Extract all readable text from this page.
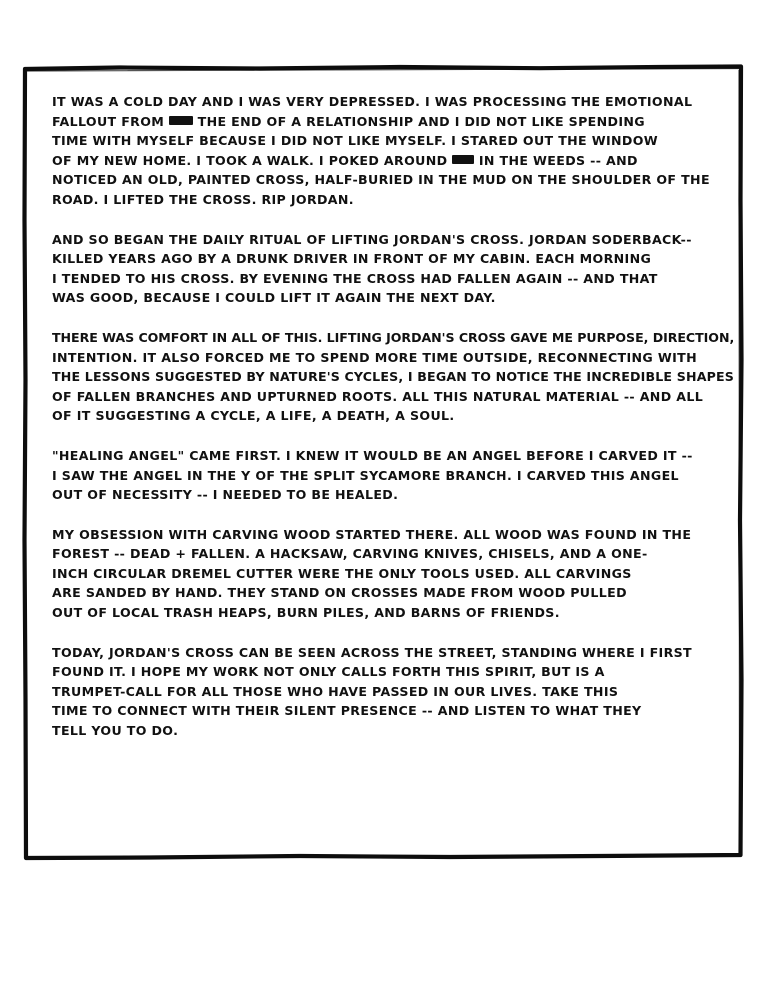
IT WAS A COLD DAY AND I WAS VERY DEPRESSED. I WAS PROCESSING THE EMOTIONAL
FALLOUT FROM  THE END OF A RELATIONSHIP AND I DID NOT LIKE SPENDING
TIME WITH MYSELF BECAUSE I DID NOT LIKE MYSELF. I STARED OUT THE WINDOW
OF MY NEW HOME. I TOOK A WALK. I POKED AROUND  IN THE WEEDS -- AND
NOTICED AN OLD, PAINTED CROSS, HALF-BURIED IN THE MUD ON THE SHOULDER OF THE
ROAD. I LIFTED THE CROSS. RIP JORDAN.
AND SO BEGAN THE DAILY RITUAL OF LIFTING JORDAN'S CROSS. JORDAN SODERBACK--
KILLED YEARS AGO BY A DRUNK DRIVER IN FRONT OF MY CABIN. EACH MORNING
I TENDED TO HIS CROSS. BY EVENING THE CROSS HAD FALLEN AGAIN -- AND THAT
WAS GOOD, BECAUSE I COULD LIFT IT AGAIN THE NEXT DAY.
THERE WAS COMFORT IN ALL OF THIS. LIFTING JORDAN'S CROSS GAVE ME PURPOSE, DIRECTION,
INTENTION. IT ALSO FORCED ME TO SPEND MORE TIME OUTSIDE, RECONNECTING WITH
THE LESSONS SUGGESTED BY NATURE'S CYCLES, I BEGAN TO NOTICE THE INCREDIBLE SHAPES
OF FALLEN BRANCHES AND UPTURNED ROOTS. ALL THIS NATURAL MATERIAL -- AND ALL
OF IT SUGGESTING A CYCLE, A LIFE, A DEATH, A SOUL.
"HEALING ANGEL" CAME FIRST. I KNEW IT WOULD BE AN ANGEL BEFORE I CARVED IT --
I SAW THE ANGEL IN THE Y OF THE SPLIT SYCAMORE BRANCH. I CARVED THIS ANGEL
OUT OF NECESSITY -- I NEEDED TO BE HEALED.
MY OBSESSION WITH CARVING WOOD STARTED THERE. ALL WOOD WAS FOUND IN THE
FOREST -- DEAD + FALLEN. A HACKSAW, CARVING KNIVES, CHISELS, AND A ONE-
INCH CIRCULAR DREMEL CUTTER WERE THE ONLY TOOLS USED. ALL CARVINGS
ARE SANDED BY HAND. THEY STAND ON CROSSES MADE FROM WOOD PULLED
OUT OF LOCAL TRASH HEAPS, BURN PILES, AND BARNS OF FRIENDS.
TODAY, JORDAN'S CROSS CAN BE SEEN ACROSS THE STREET, STANDING WHERE I FIRST
FOUND IT. I HOPE MY WORK NOT ONLY CALLS FORTH THIS SPIRIT, BUT IS A
TRUMPET-CALL FOR ALL THOSE WHO HAVE PASSED IN OUR LIVES. TAKE THIS
TIME TO CONNECT WITH THEIR SILENT PRESENCE -- AND LISTEN TO WHAT THEY
TELL YOU TO DO.
